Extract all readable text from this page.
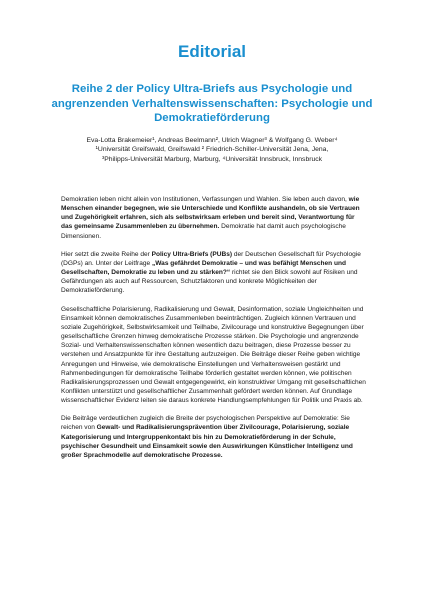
Editorial
Reihe 2 der Policy Ultra-Briefs aus Psychologie und angrenzenden Verhaltenswissenschaften: Psychologie und Demokratieförderung
Eva-Lotta Brakemeier¹, Andreas Beelmann², Ulrich Wagner³ & Wolfgang G. Weber⁴
¹Universität Greifswald, Greifswald ² Friedrich-Schiller-Universität Jena, Jena,
³Philipps-Universität Marburg, Marburg, ⁴Universität Innsbruck, Innsbruck

Demokratien leben nicht allein von Institutionen, Verfassungen und Wahlen. Sie leben auch davon, wie Menschen einander begegnen, wie sie Unterschiede und Konflikte aushandeln, ob sie Vertrauen und Zugehörigkeit erfahren, sich als selbstwirksam erleben und bereit sind, Verantwortung für das gemeinsame Zusammenleben zu übernehmen. Demokratie hat damit auch psychologische Dimensionen.

Hier setzt die zweite Reihe der Policy Ultra-Briefs (PUBs) der Deutschen Gesellschaft für Psychologie (DGPs) an. Unter der Leitfrage „Was gefährdet Demokratie – und was befähigt Menschen und Gesellschaften, Demokratie zu leben und zu stärken?“ richtet sie den Blick sowohl auf Risiken und Gefährdungen als auch auf Ressourcen, Schutzfaktoren und konkrete Möglichkeiten der Demokratieförderung.

Gesellschaftliche Polarisierung, Radikalisierung und Gewalt, Desinformation, soziale Ungleichheiten und Einsamkeit können demokratisches Zusammenleben beeinträchtigen. Zugleich können Vertrauen und soziale Zugehörigkeit, Selbstwirksamkeit und Teilhabe, Zivilcourage und konstruktive Begegnungen über gesellschaftliche Grenzen hinweg demokratische Prozesse stärken. Die Psychologie und angrenzende Sozial- und Verhaltenswissenschaften können wesentlich dazu beitragen, diese Prozesse besser zu verstehen und Ansatzpunkte für ihre Gestaltung aufzuzeigen. Die Beiträge dieser Reihe geben wichtige Anregungen und Hinweise, wie demokratische Einstellungen und Verhaltensweisen gestärkt und Rahmenbedingungen für demokratische Teilhabe förderlich gestaltet werden können, wie politischen Radikalisierungsprozessen und Gewalt entgegengewirkt, ein konstruktiver Umgang mit gesellschaftlichen Konflikten unterstützt und gesellschaftlicher Zusammenhalt gefördert werden können. Auf Grundlage wissenschaftlicher Evidenz leiten sie daraus konkrete Handlungsempfehlungen für Politik und Praxis ab.

Die Beiträge verdeutlichen zugleich die Breite der psychologischen Perspektive auf Demokratie: Sie reichen von Gewalt- und Radikalisierungsprävention über Zivilcourage, Polarisierung, soziale Kategorisierung und Intergruppenkontakt bis hin zu Demokratieförderung in der Schule, psychischer Gesundheit und Einsamkeit sowie den Auswirkungen Künstlicher Intelligenz und großer Sprachmodelle auf demokratische Prozesse.
